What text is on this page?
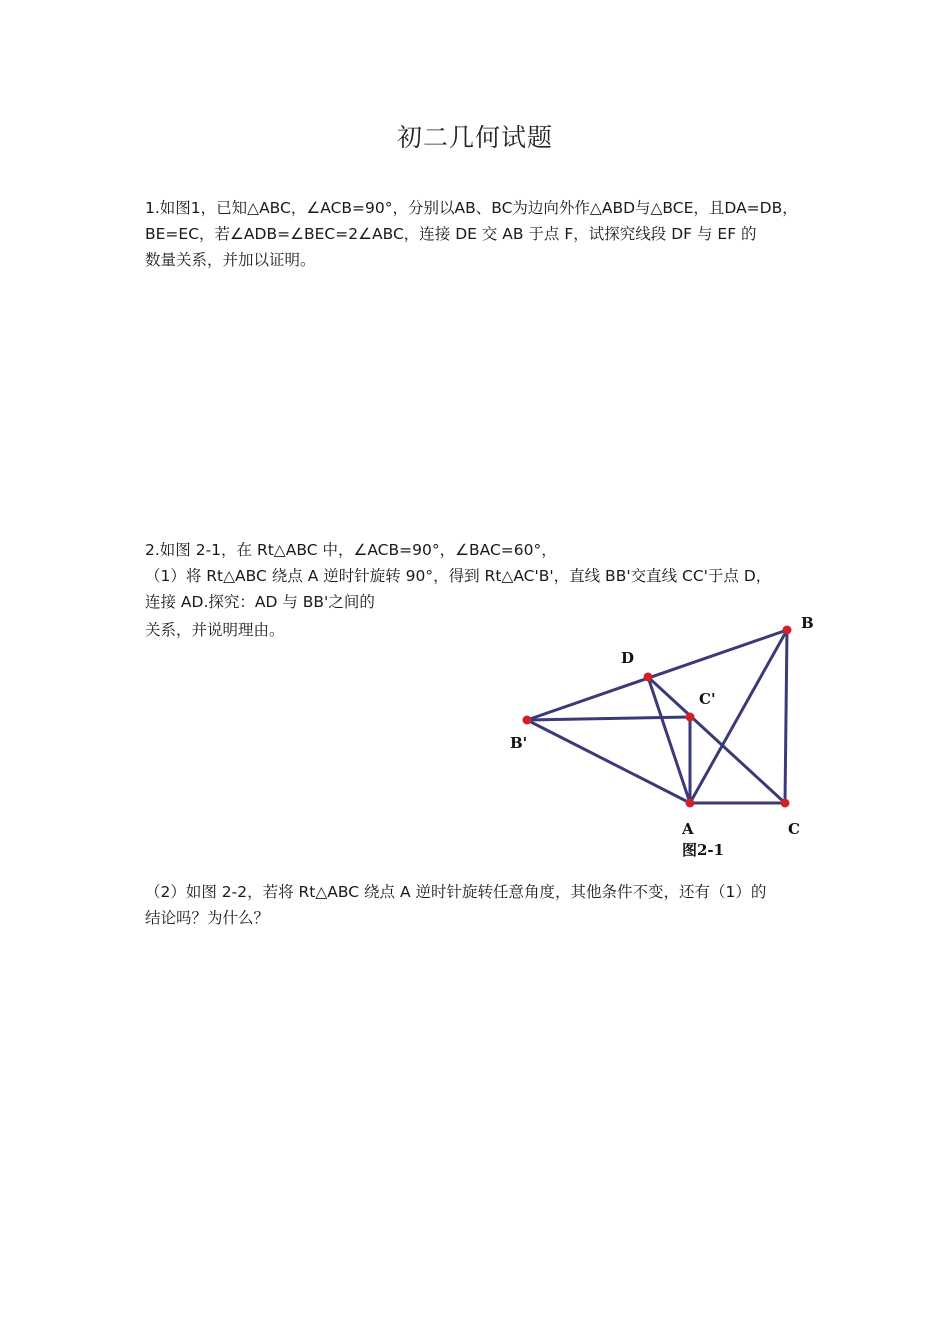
初二几何试题
1.如图1，已知△ABC，∠ACB=90°，分别以AB、BC为边向外作△ABD与△BCE，且DA=DB，
BE=EC，若∠ADB=∠BEC=2∠ABC，连接 DE 交 AB 于点 F，试探究线段 DF 与 EF 的
数量关系，并加以证明。
2.如图 2-1，在 Rt△ABC 中，∠ACB=90°，∠BAC=60°，
（1）将 Rt△ABC 绕点 A 逆时针旋转 90°，得到 Rt△AC'B'，直线 BB'交直线 CC'于点 D，
连接 AD.探究：AD 与 BB'之间的
关系，并说明理由。	B
D
C'
B'
A	C
图2-1
（2）如图 2-2，若将 Rt△ABC 绕点 A 逆时针旋转任意角度，其他条件不变，还有（1）的
结论吗？为什么？
